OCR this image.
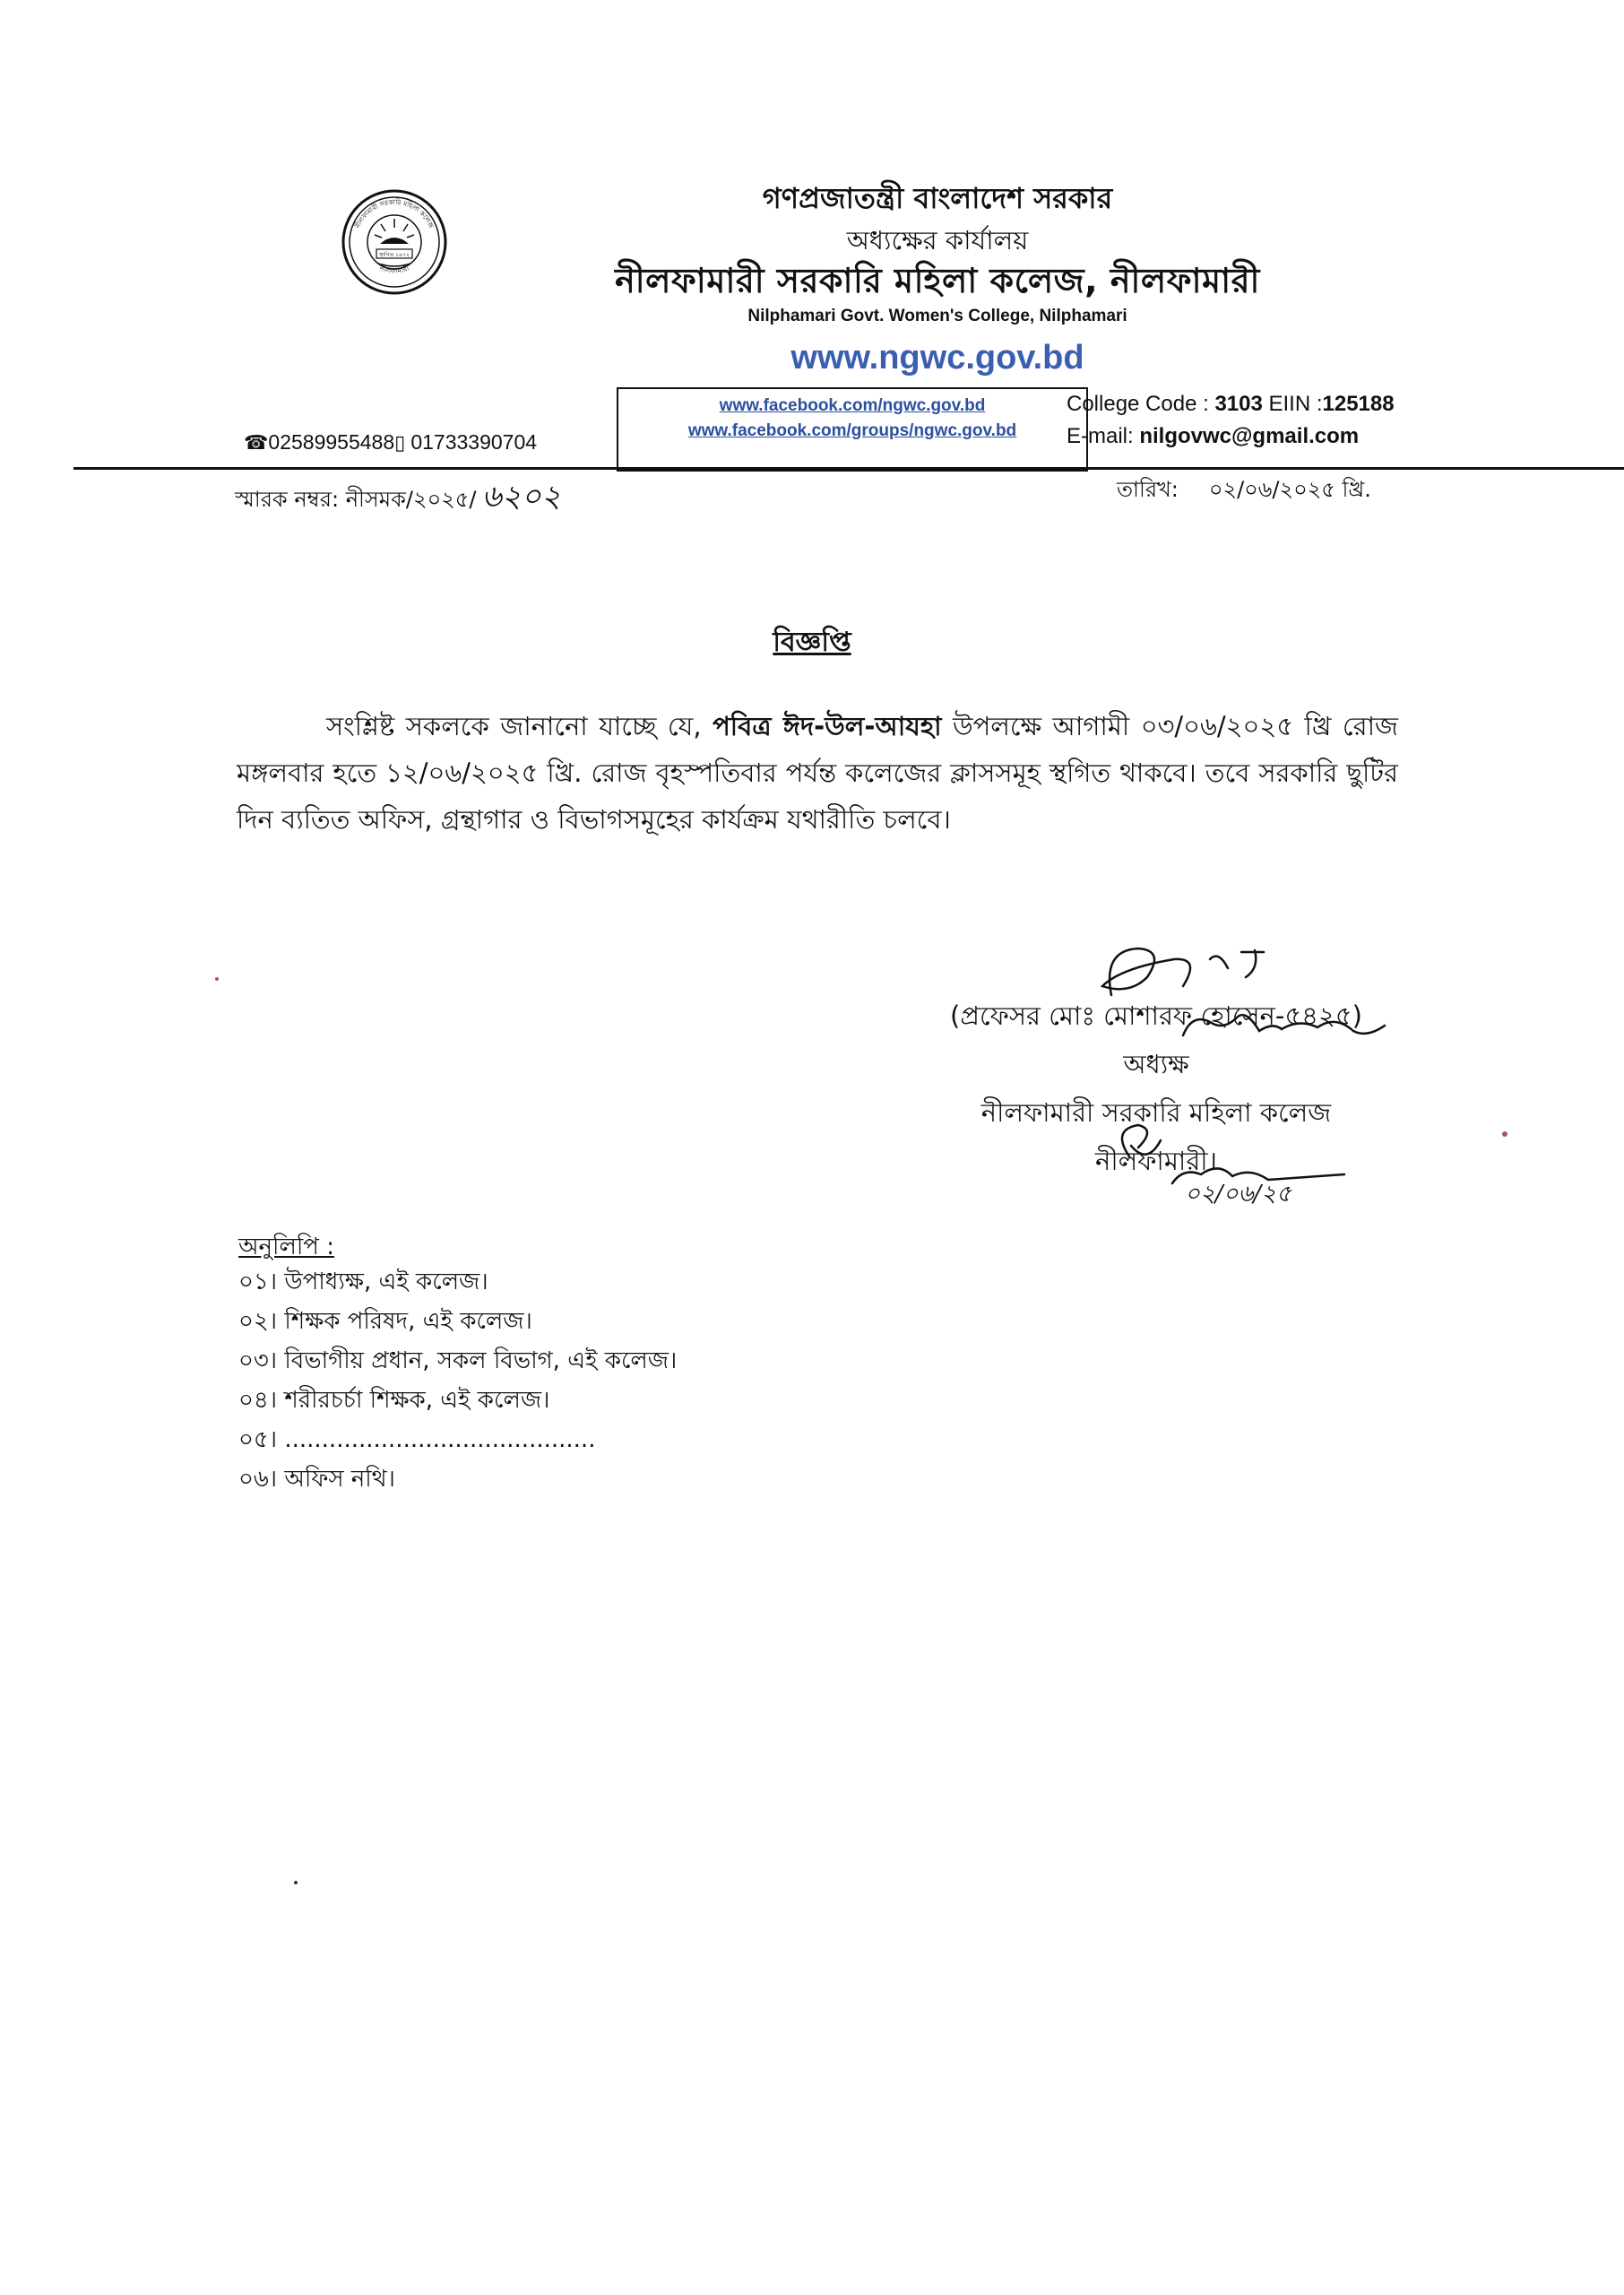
স্থাপিত ১৯৭২
নীলফামারী সরকারি মহিলা কলেজ
নীলফামারী
গণপ্রজাতন্ত্রী বাংলাদেশ সরকার
অধ্যক্ষের কার্যালয়
নীলফামারী সরকারি মহিলা কলেজ, নীলফামারী
Nilphamari Govt. Women's College, Nilphamari
www.ngwc.gov.bd
www.facebook.com/ngwc.gov.bd
www.facebook.com/groups/ngwc.gov.bd
☎02589955488▯ 01733390704
College Code : 3103 EIIN :125188
E-mail: nilgovwc@gmail.com
স্মারক নম্বর: নীসমক/২০২৫/ ৬২০২	তারিখ: ০২/০৬/২০২৫ খ্রি.
বিজ্ঞপ্তি
সংশ্লিষ্ট সকলকে জানানো যাচ্ছে যে, পবিত্র ঈদ-উল-আযহা উপলক্ষে আগামী ০৩/০৬/২০২৫ খ্রি রোজ মঙ্গলবার হতে ১২/০৬/২০২৫ খ্রি. রোজ বৃহস্পতিবার পর্যন্ত কলেজের ক্লাসসমূহ স্থগিত থাকবে। তবে সরকারি ছুটির দিন ব্যতিত অফিস, গ্রন্থাগার ও বিভাগসমূহের কার্যক্রম যথারীতি চলবে।
০২/০৬/২৫
(প্রফেসর মোঃ মোশারফ হোসেন-৫৪২৫)
অধ্যক্ষ
নীলফামারী সরকারি মহিলা কলেজ
নীলফামারী।
অনুলিপি :
০১। উপাধ্যক্ষ, এই কলেজ।
০২। শিক্ষক পরিষদ, এই কলেজ।
০৩। বিভাগীয় প্রধান, সকল বিভাগ, এই কলেজ।
০৪। শরীরচর্চা শিক্ষক, এই কলেজ।
০৫। ..........................................
০৬। অফিস নথি।
